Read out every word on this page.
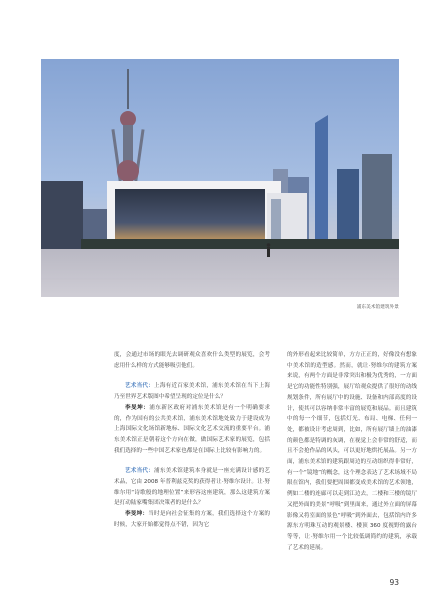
浦东美术馆建筑外景

度，会通过市场的眼光去调研观众喜欢什么类型的展览，会考虑用什么样的方式能够吸引他们。

艺术当代：上海有近百家美术馆，浦东美术馆在当下上海乃至世界艺术版图中希望呈现的定位是什么？

李旻坤：浦东新区政府对浦东美术馆是有一个明确要求的，作为国有的公共美术馆，浦东美术馆地处致力于建设成为上海国际文化场馆新地标、国际文化艺术交流的重要平台。浦东美术馆正是朝着这个方向在做，做国际艺术家的展览，包括我们选择的一些中国艺术家也都是在国际上比较有影响力的。

艺术当代：浦东美术馆建筑本身就是一座充满设计感的艺术品，它由 2008 年普利兹克奖的获得者让·努维尔设计。让·努维尔用“诗歌般的地理位置”来形容这座建筑，那么这建筑方案是打动陆家嘴集团决策者的是什么？

李旻坤：当时是向社会征集的方案，我们选择这个方案的时候，大家开始都觉得点不错，因为它

的外形看起来比较简单，方方正正的，好像没有想象中美术馆的造型感。然而，就让·努维尔的建筑方案来说，有两个方面是非常突出和极为优秀的，一方面是它的功能性特别强，展厅给观众提供了很好的动线规划条件，所有展厅中的设施、设备和内部高度的设计，使其可以容纳非常丰富的展览和展品。而且建筑中的每一个细节，包括灯光、布局、电梯、任何一处，都被设计考虑周到，比如，所有展厅墙上的油漆的颜色都是特调的灰调，在视觉上会非常的舒适，而且不会抢作品的风头，可以更好地烘托展品。另一方面，浦东美术馆的建筑跟周边的互动组织得非常好，有一个“镜地”的概念，这个理念表达了艺术场域不局限在馆内，我们要把周围都变成美术馆的艺术领地，例如二楼的连廊可以走到江边去，二楼和三楼的镜厅又把外面的美景“呼吸”到里面来，通过外立面的屏幕影像又将室面的景色“呼吸”到外面去，包括馆内许多源东方明珠互动的观景楼、楼顶 360 度视野的露台等等，让·努维尔用一个比较低调简约的建筑，承载了艺术的延展。

93
